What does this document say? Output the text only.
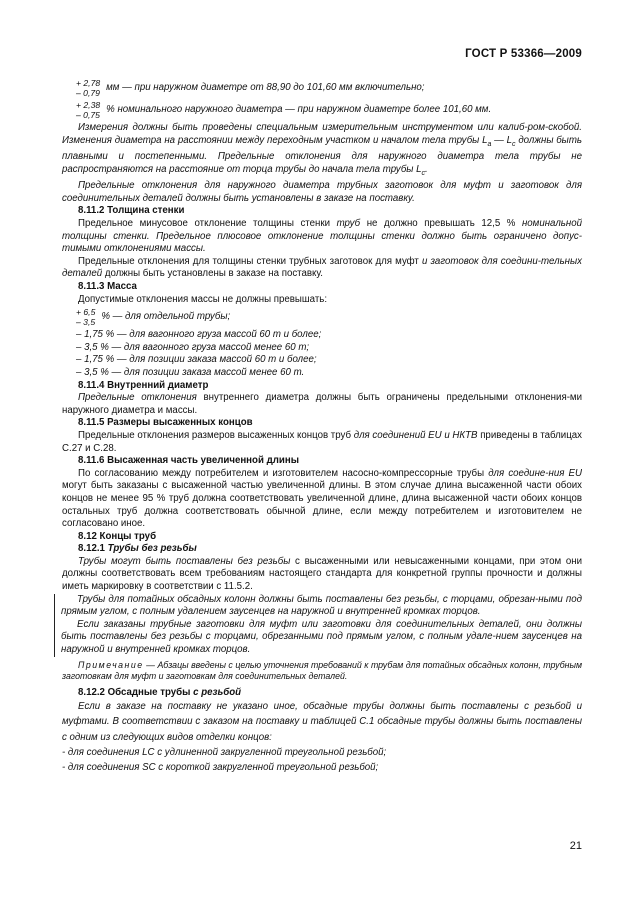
ГОСТ Р 53366—2009
+ 2,78
– 0,79
мм — при наружном диаметре от 88,90 до 101,60 мм включительно;
+ 2,38
– 0,75
% номинального наружного диаметра — при наружном диаметре более 101,60 мм.

Измерения должны быть проведены специальным измерительным инструментом или калиб-ром-скобой. Изменения диаметра на расстоянии между переходным участком и началом тела трубы $L_a$ — $L_c$ должны быть плавными и постепенными. Предельные отклонения для наружного диаметра тела трубы не распространяются на расстояние от торца трубы до начала тела трубы $L_c$.

Предельные отклонения для наружного диаметра трубных заготовок для муфт и заготовок для соединительных деталей должны быть установлены в заказе на поставку.

8.11.2 Толщина стенки

Предельное минусовое отклонение толщины стенки труб не должно превышать 12,5 % номинальной толщины стенки. Предельное плюсовое отклонение толщины стенки должно быть ограничено допус-тимыми отклонениями массы.

Предельные отклонения для толщины стенки трубных заготовок для муфт и заготовок для соедини-тельных деталей должны быть установлены в заказе на поставку.

8.11.3 Масса

Допустимые отклонения массы не должны превышать:

+ 6,5
– 3,5
% — для отдельной трубы;

– 1,75 % — для вагонного груза массой 60 т и более;

– 3,5 % — для вагонного груза массой менее 60 т;

– 1,75 % — для позиции заказа массой 60 т и более;

– 3,5 % — для позиции заказа массой менее 60 т.

8.11.4 Внутренний диаметр

Предельные отклонения внутреннего диаметра должны быть ограничены предельными отклонения-ми наружного диаметра и массы.

8.11.5 Размеры высаженных концов

Предельные отклонения размеров высаженных концов труб для соединений EU и НКТВ приведены в таблицах С.27 и С.28.

8.11.6 Высаженная часть увеличенной длины

По согласованию между потребителем и изготовителем насосно-компрессорные трубы для соедине-ния EU могут быть заказаны с высаженной частью увеличенной длины. В этом случае длина высаженной части обоих концов не менее 95 % труб должна соответствовать увеличенной длине, длина высаженной части обоих концов остальных труб должна соответствовать обычной длине, если между потребителем и изготовителем не согласовано иное.

8.12 Концы труб

8.12.1 Трубы без резьбы

Трубы могут быть поставлены без резьбы с высаженными или невысаженными концами, при этом они должны соответствовать всем требованиям настоящего стандарта для конкретной группы прочности и должны иметь маркировку в соответствии с 11.5.2.

Трубы для потайных обсадных колонн должны быть поставлены без резьбы, с торцами, обрезан-ными под прямым углом, с полным удалением заусенцев на наружной и внутренней кромках торцов.

Если заказаны трубные заготовки для муфт или заготовки для соединительных деталей, они должны быть поставлены без резьбы с торцами, обрезанными под прямым углом, с полным удале-нием заусенцев на наружной и внутренней кромках торцов.

Примечание — Абзацы введены с целью уточнения требований к трубам для потайных обсадных колонн, трубным заготовкам для муфт и заготовкам для соединительных деталей.

8.12.2 Обсадные трубы с резьбой

Если в заказе на поставку не указано иное, обсадные трубы должны быть поставлены с резьбой и муфтами. В соответствии с заказом на поставку и таблицей С.1 обсадные трубы должны быть поставлены с одним из следующих видов отделки концов:

- для соединения LC с удлиненной закругленной треугольной резьбой;

- для соединения SC с короткой закругленной треугольной резьбой;

21
